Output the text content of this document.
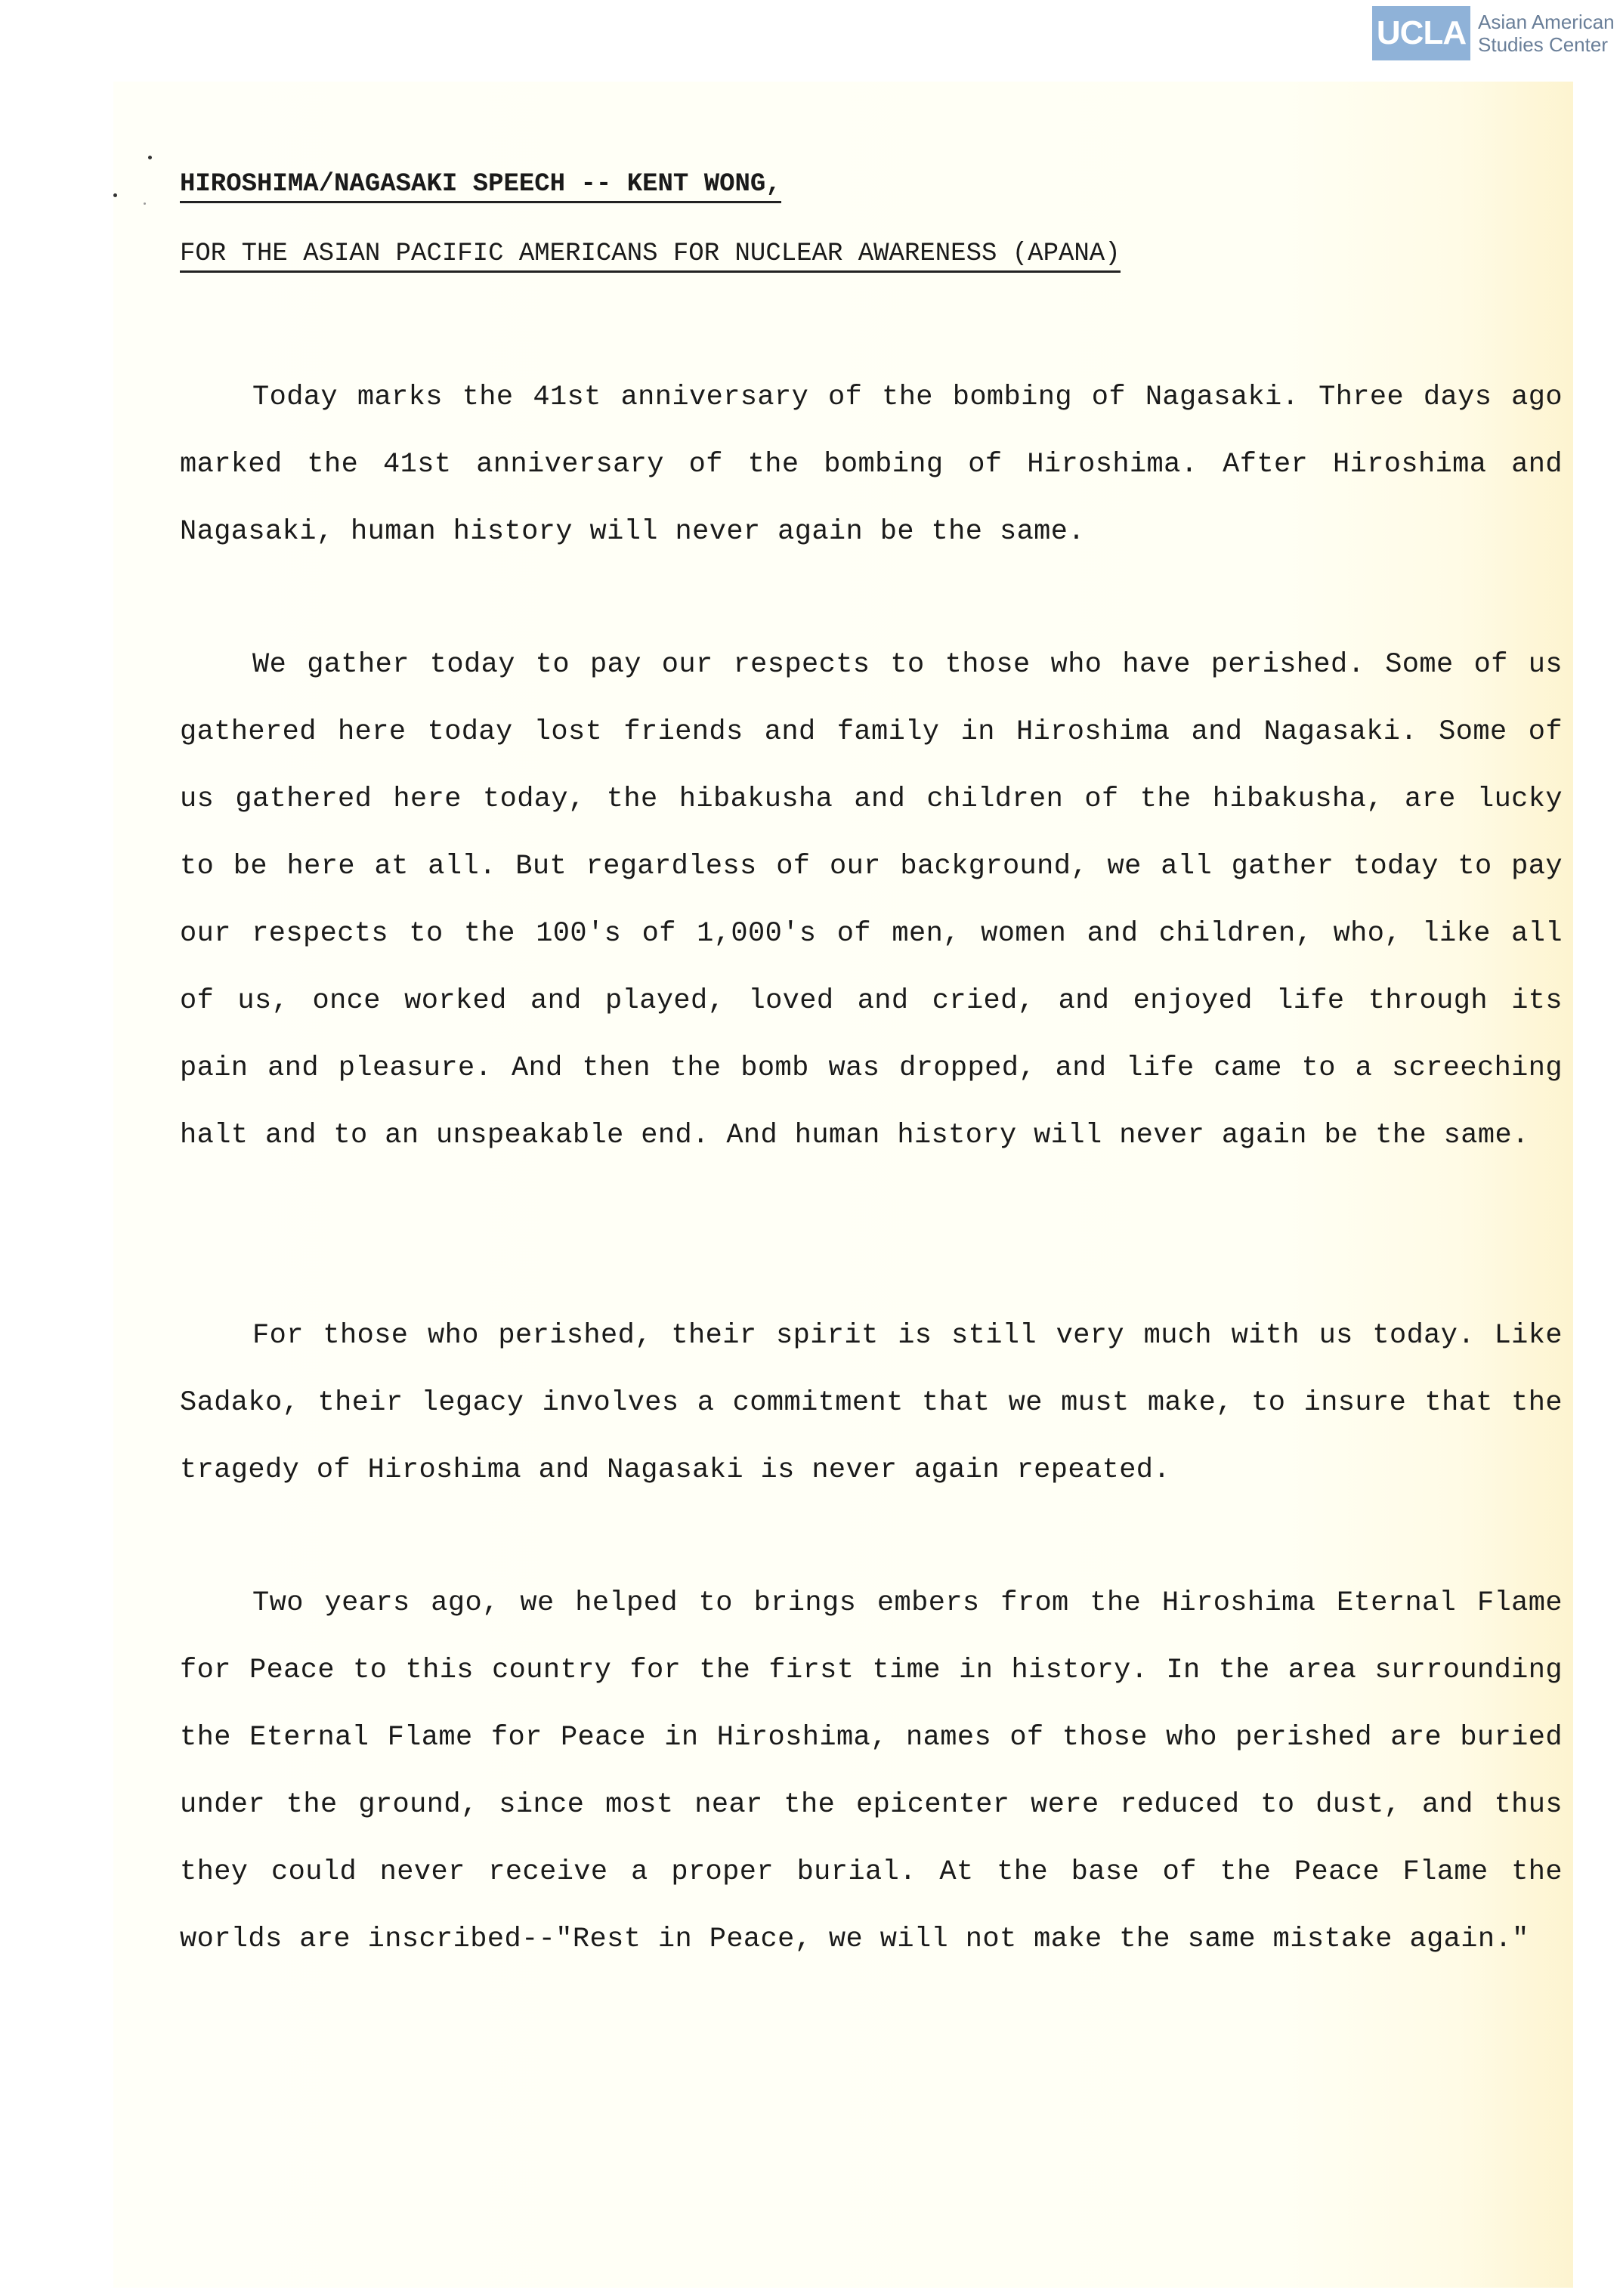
UCLA Asian American
Studies Center
HIROSHIMA/NAGASAKI SPEECH -- KENT WONG,
FOR THE ASIAN PACIFIC AMERICANS FOR NUCLEAR AWARENESS (APANA)

Today marks the 41st anniversary of the bombing of Nagasaki. Three days ago marked the 41st anniversary of the bombing of Hiroshima. After Hiroshima and Nagasaki, human history will never again be the same.

We gather today to pay our respects to those who have perished. Some of us gathered here today lost friends and family in Hiroshima and Nagasaki. Some of us gathered here today, the hibakusha and children of the hibakusha, are lucky to be here at all. But regardless of our background, we all gather today to pay our respects to the 100's of 1,000's of men, women and children, who, like all of us, once worked and played, loved and cried, and enjoyed life through its pain and pleasure. And then the bomb was dropped, and life came to a screeching halt and to an unspeakable end. And human history will never again be the same.

For those who perished, their spirit is still very much with us today. Like Sadako, their legacy involves a commitment that we must make, to insure that the tragedy of Hiroshima and Nagasaki is never again repeated.

Two years ago, we helped to brings embers from the Hiroshima Eternal Flame for Peace to this country for the first time in history. In the area surrounding the Eternal Flame for Peace in Hiroshima, names of those who perished are buried under the ground, since most near the epicenter were reduced to dust, and thus they could never receive a proper burial. At the base of the Peace Flame the worlds are inscribed--"Rest in Peace, we will not make the same mistake again."
